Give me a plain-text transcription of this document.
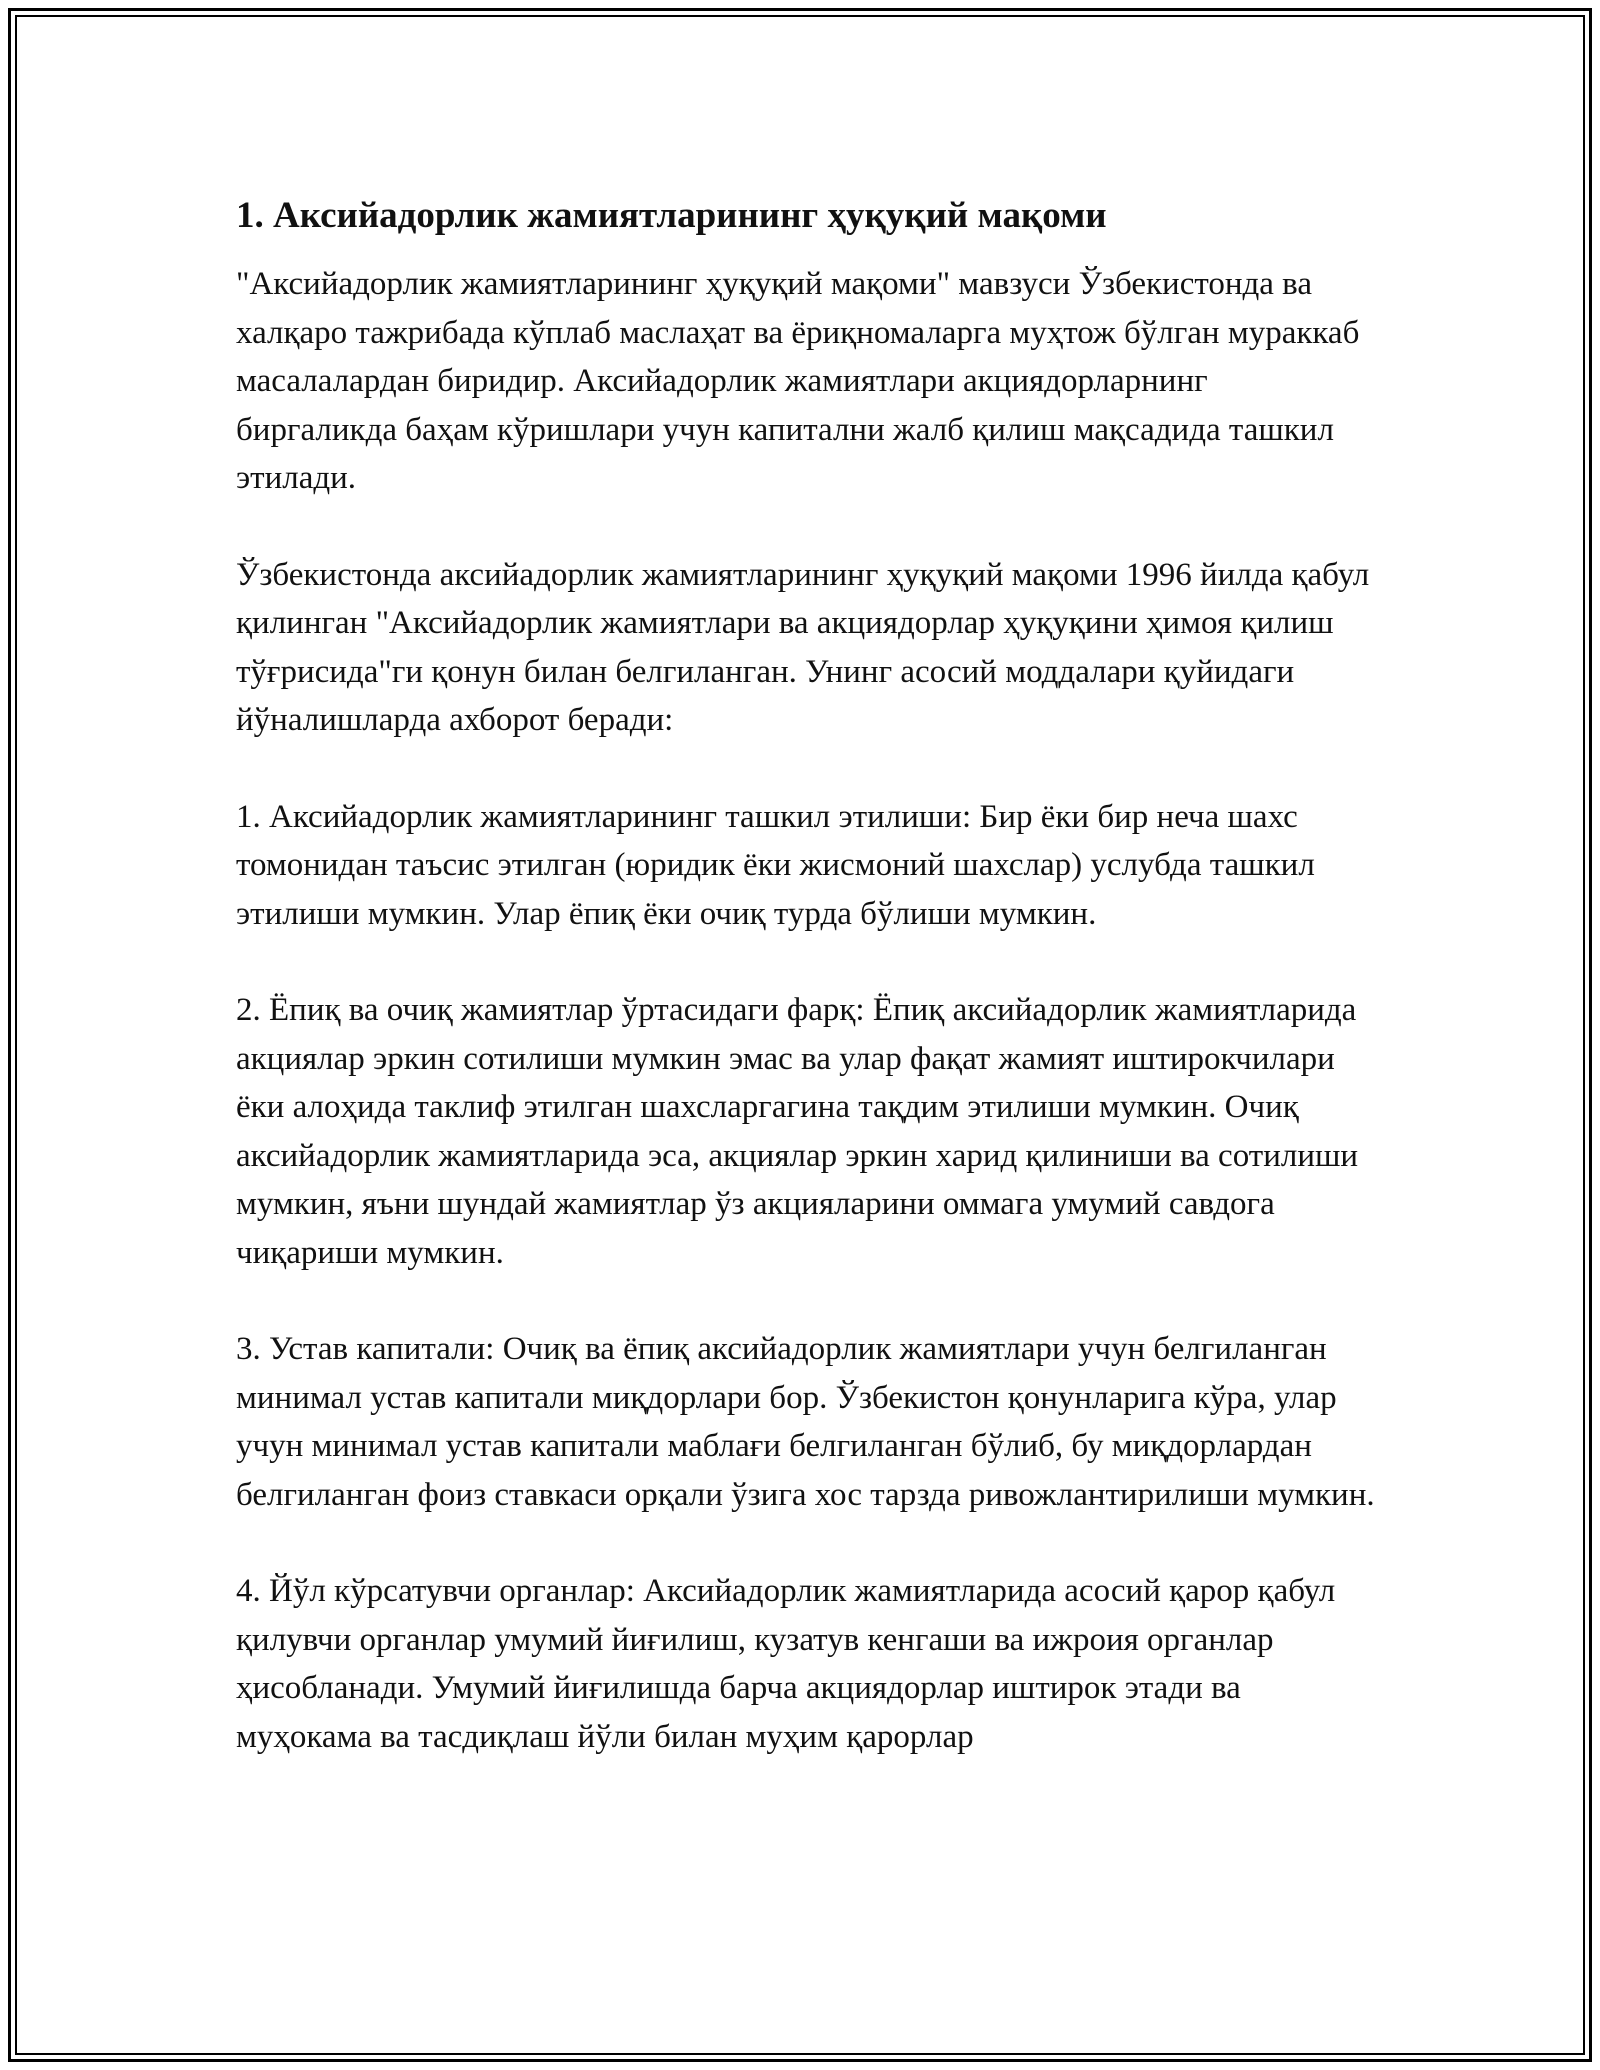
1. Аксийадорлик жамиятларининг ҳуқуқий мақоми

"Аксийадорлик жамиятларининг ҳуқуқий мақоми" мавзуси Ўзбекистонда ва халқаро тажрибада кўплаб маслаҳат ва ёриқномаларга муҳтож бўлган мураккаб масалалардан биридир. Аксийадорлик жамиятлари акциядорларнинг биргаликда баҳам кўришлари учун капитални жалб қилиш мақсадида ташкил этилади.

Ўзбекистонда аксийадорлик жамиятларининг ҳуқуқий мақоми 1996 йилда қабул қилинган "Аксийадорлик жамиятлари ва акциядорлар ҳуқуқини ҳимоя қилиш тўғрисида"ги қонун билан белгиланган. Унинг асосий моддалари қуйидаги йўналишларда ахборот беради:

1. Аксийадорлик жамиятларининг ташкил этилиши: Бир ёки бир неча шахс томонидан таъсис этилган (юридик ёки жисмоний шахслар) услубда ташкил этилиши мумкин. Улар ёпиқ ёки очиқ турда бўлиши мумкин.

2. Ёпиқ ва очиқ жамиятлар ўртасидаги фарқ: Ёпиқ аксийадорлик жамиятларида акциялар эркин сотилиши мумкин эмас ва улар фақат жамият иштирокчилари ёки алоҳида таклиф этилган шахсларгагина тақдим этилиши мумкин. Очиқ аксийадорлик жамиятларида эса, акциялар эркин харид қилиниши ва сотилиши мумкин, яъни шундай жамиятлар ўз акцияларини оммага умумий савдога чиқариши мумкин.

3. Устав капитали: Очиқ ва ёпиқ аксийадорлик жамиятлари учун белгиланган минимал устав капитали миқдорлари бор. Ўзбекистон қонунларига кўра, улар учун минимал устав капитали маблағи белгиланган бўлиб, бу миқдорлардан белгиланган фоиз ставкаси орқали ўзига хос тарзда ривожлантирилиши мумкин.

4. Йўл кўрсатувчи органлар: Аксийадорлик жамиятларида асосий қарор қабул қилувчи органлар умумий йиғилиш, кузатув кенгаши ва ижроия органлар ҳисобланади. Умумий йиғилишда барча акциядорлар иштирок этади ва муҳокама ва тасдиқлаш йўли билан муҳим қарорлар
